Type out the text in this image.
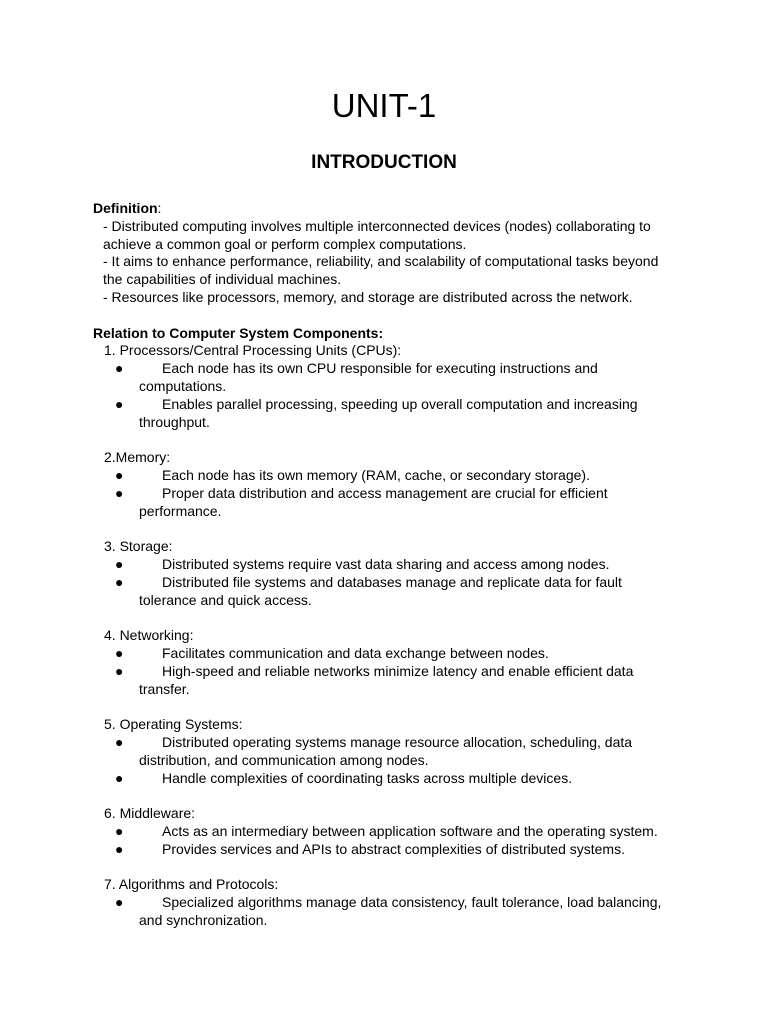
UNIT-1
INTRODUCTION

Definition:

- Distributed computing involves multiple interconnected devices (nodes) collaborating to achieve a common goal or perform complex computations.

- It aims to enhance performance, reliability, and scalability of computational tasks beyond the capabilities of individual machines.

- Resources like processors, memory, and storage are distributed across the network.

Relation to Computer System Components:

1. Processors/Central Processing Units (CPUs):

●	Each node has its own CPU responsible for executing instructions and computations.
●	Enables parallel processing, speeding up overall computation and increasing throughput.

2.Memory:

●	Each node has its own memory (RAM, cache, or secondary storage).
●	Proper data distribution and access management are crucial for efficient performance.

3. Storage:

●	Distributed systems require vast data sharing and access among nodes.
●	Distributed file systems and databases manage and replicate data for fault tolerance and quick access.

4. Networking:

●	Facilitates communication and data exchange between nodes.
●	High-speed and reliable networks minimize latency and enable efficient data transfer.

5. Operating Systems:

●	Distributed operating systems manage resource allocation, scheduling, data distribution, and communication among nodes.
●	Handle complexities of coordinating tasks across multiple devices.

6. Middleware:

●	Acts as an intermediary between application software and the operating system.
●	Provides services and APIs to abstract complexities of distributed systems.

7. Algorithms and Protocols:

●	Specialized algorithms manage data consistency, fault tolerance, load balancing, and synchronization.
